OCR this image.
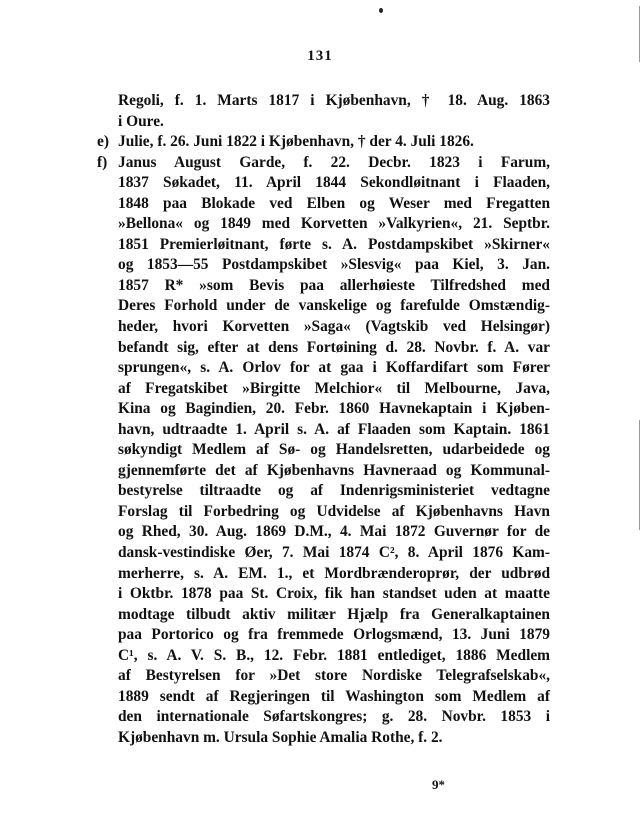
131
Regoli, f. 1. Marts 1817 i Kjøbenhavn, † 18. Aug. 1863
i Oure.
e) Julie, f. 26. Juni 1822 i Kjøbenhavn, † der 4. Juli 1826.
f) Janus August Garde, f. 22. Decbr. 1823 i Farum,
1837 Søkadet, 11. April 1844 Sekondløitnant i Flaaden,
1848 paa Blokade ved Elben og Weser med Fregatten
»Bellona« og 1849 med Korvetten »Valkyrien«, 21. Septbr.
1851 Premierløitnant, førte s. A. Postdampskibet »Skirner«
og 1853—55 Postdampskibet »Slesvig« paa Kiel, 3. Jan.
1857 R* »som Bevis paa allerhøieste Tilfredshed med
Deres Forhold under de vanskelige og farefulde Omstændig-
heder, hvori Korvetten »Saga« (Vagtskib ved Helsingør)
befandt sig, efter at dens Fortøining d. 28. Novbr. f. A. var
sprungen«, s. A. Orlov for at gaa i Koffardifart som Fører
af Fregatskibet »Birgitte Melchior« til Melbourne, Java,
Kina og Bagindien, 20. Febr. 1860 Havnekaptain i Kjøben-
havn, udtraadte 1. April s. A. af Flaaden som Kaptain. 1861
søkyndigt Medlem af Sø- og Handelsretten, udarbeidede og
gjennemførte det af Kjøbenhavns Havneraad og Kommunal-
bestyrelse tiltraadte og af Indenrigsministeriet vedtagne
Forslag til Forbedring og Udvidelse af Kjøbenhavns Havn
og Rhed, 30. Aug. 1869 D.M., 4. Mai 1872 Guvernør for de
dansk-vestindiske Øer, 7. Mai 1874 C², 8. April 1876 Kam-
merherre, s. A. EM. 1., et Mordbrænderoprør, der udbrød
i Oktbr. 1878 paa St. Croix, fik han standset uden at maatte
modtage tilbudt aktiv militær Hjælp fra Generalkaptainen
paa Portorico og fra fremmede Orlogsmænd, 13. Juni 1879
C¹, s. A. V. S. B., 12. Febr. 1881 entlediget, 1886 Medlem
af Bestyrelsen for »Det store Nordiske Telegrafselskab«,
1889 sendt af Regjeringen til Washington som Medlem af
den internationale Søfartskongres; g. 28. Novbr. 1853 i
Kjøbenhavn m. Ursula Sophie Amalia Rothe, f. 2.
9*
